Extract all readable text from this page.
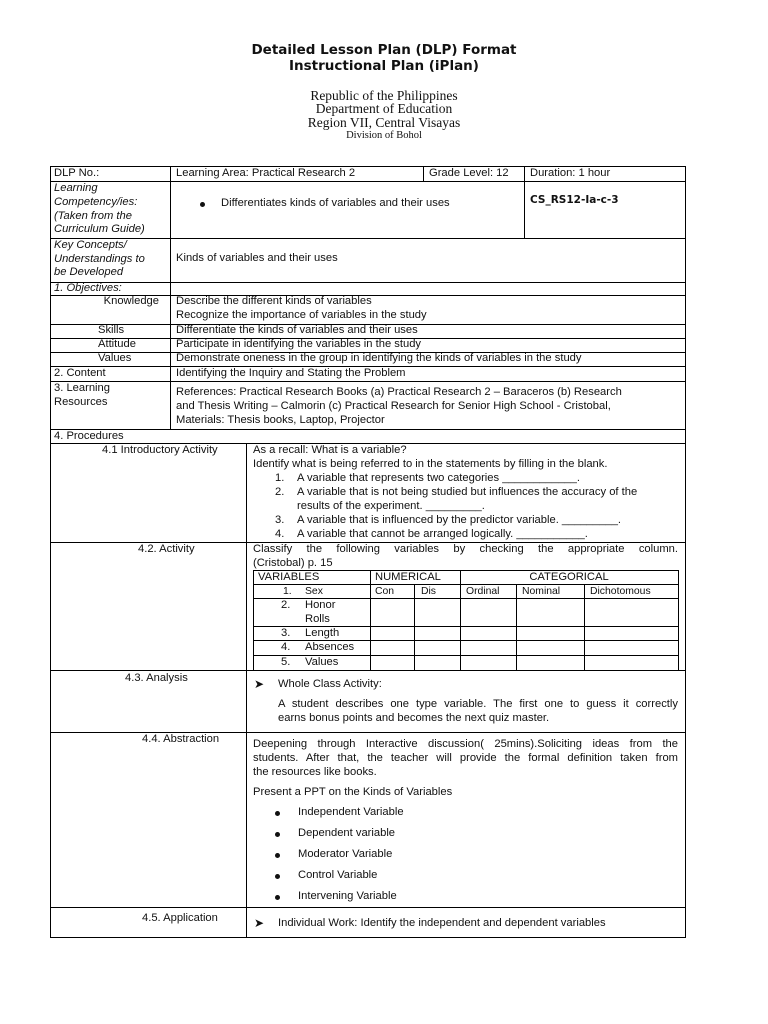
Detailed Lesson Plan (DLP) Format
Instructional Plan (iPlan)
Republic of the Philippines
Department of Education
Region VII, Central Visayas
Division of Bohol
DLP No.:	Learning Area: Practical Research 2	Grade Level: 12 Duration: 1 hour
Learning
Competency/ies:
(Taken from the
Curriculum Guide)
Differentiates kinds of variables and their uses	CS_RS12-Ia-c-3
Key Concepts/
Understandings to
be Developed
Kinds of variables and their uses
1. Objectives:
Knowledge Describe the different kinds of variables
Recognize the importance of variables in the study
Skills	Differentiate the kinds of variables and their uses
Attitude	Participate in identifying the variables in the study
Values	Demonstrate oneness in the group in identifying the kinds of variables in the study
2. Content	Identifying the Inquiry and Stating the Problem
3. Learning
Resources
References: Practical Research Books (a) Practical Research 2 – Baraceros (b) Research
and Thesis Writing – Calmorin (c) Practical Research for Senior High School - Cristobal,
Materials: Thesis books, Laptop, Projector
4. Procedures
4.1 Introductory Activity	As a recall: What is a variable?
Identify what is being referred to in the statements by filling in the blank.
1. A variable that represents two categories ____________.
2. A variable that is not being studied but influences the accuracy of the
results of the experiment. _________.
3. A variable that is influenced by the predictor variable. _________.
4. A variable that cannot be arranged logically. ___________.
4.2. Activity	Classify the following variables by checking the appropriate column.
(Cristobal) p. 15
VARIABLES	NUMERICAL	CATEGORICAL
Con	Dis	Ordinal Nominal	Dichotomous
1. Sex
2. Honor
Rolls
3. Length
4. Absences
5. Values
4.3. Analysis	➤ Whole Class Activity:
A student describes one type variable. The first one to guess it correctly
earns bonus points and becomes the next quiz master.
4.4. Abstraction	Deepening through Interactive discussion( 25mins).Soliciting ideas from the
students. After that, the teacher will provide the formal definition taken from
the resources like books.
Present a PPT on the Kinds of Variables
Independent Variable
Dependent variable
Moderator Variable
Control Variable
Intervening Variable
4.5. Application	➤ Individual Work: Identify the independent and dependent variables
